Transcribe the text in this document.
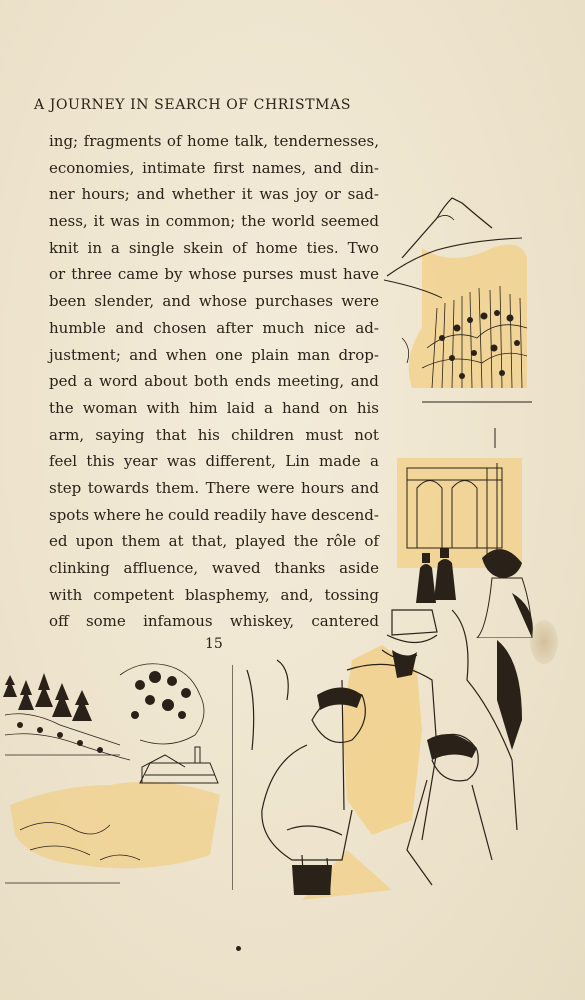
A JOURNEY IN SEARCH OF CHRISTMAS
ing; fragments of home talk, tendernesses,
economies, intimate first names, and din-
ner hours; and whether it was joy or sad-
ness, it was in common; the world seemed
knit in a single skein of home ties. Two
or three came by whose purses must have
been slender, and whose purchases were
humble and chosen after much nice ad-
justment; and when one plain man drop-
ped a word about both ends meeting, and
the woman with him laid a hand on his
arm, saying that his children must not
feel this year was different, Lin made a
step towards them. There were hours and
spots where he could readily have descend-
ed upon them at that, played the rôle of
clinking affluence, waved thanks aside
with competent blasphemy, and, tossing
off some infamous whiskey, cantered
15
